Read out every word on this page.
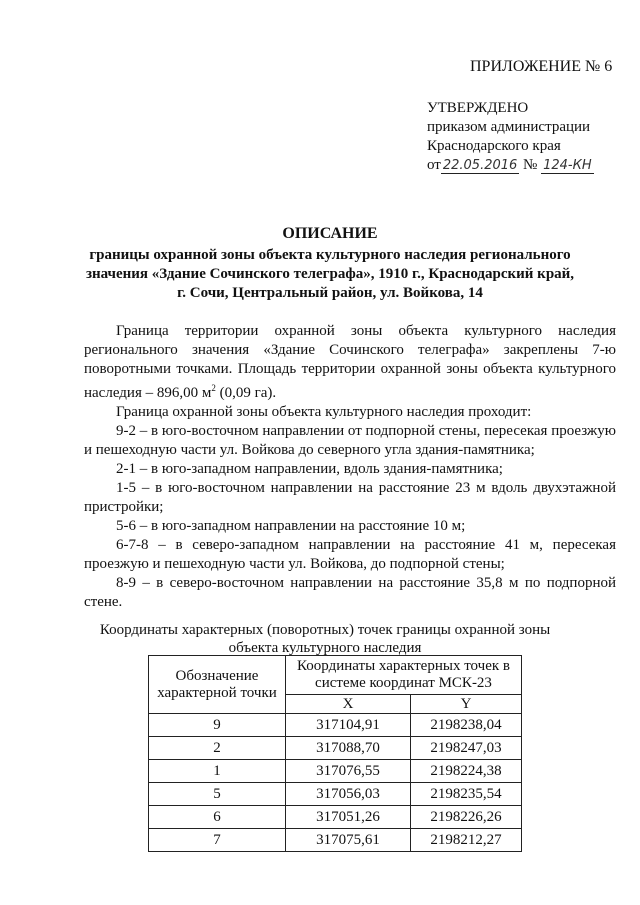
ПРИЛОЖЕНИЕ № 6
УТВЕРЖДЕНО
приказом администрации
Краснодарского края
от 22.05.2016 № 124-КН
ОПИСАНИЕ
границы охранной зоны объекта культурного наследия регионального
значения «Здание Сочинского телеграфа», 1910 г., Краснодарский край,
г. Сочи, Центральный район, ул. Войкова, 14

Граница территории охранной зоны объекта культурного наследия регионального значения «Здание Сочинского телеграфа» закреплены 7-ю поворотными точками. Площадь территории охранной зоны объекта культурного наследия – 896,00 $м^2$ (0,09 га).

Граница охранной зоны объекта культурного наследия проходит:

9-2 – в юго-восточном направлении от подпорной стены, пересекая проезжую и пешеходную части ул. Войкова до северного угла здания-памятника;

2-1 – в юго-западном направлении, вдоль здания-памятника;

1-5 – в юго-восточном направлении на расстояние 23 м вдоль двухэтажной пристройки;

5-6 – в юго-западном направлении на расстояние 10 м;

6-7-8 – в северо-западном направлении на расстояние 41 м, пересекая проезжую и пешеходную части ул. Войкова, до подпорной стены;

8-9 – в северо-восточном направлении на расстояние 35,8 м по подпорной стене.

Координаты характерных (поворотных) точек границы охранной зоны объекта культурного наследия
Обозначение характерной точки	Координаты характерных точек в системе координат МСК-23	
	X	Y
9	317104,91	2198238,04
2	317088,70	2198247,03
1	317076,55	2198224,38
5	317056,03	2198235,54
6	317051,26	2198226,26
7	317075,61	2198212,27
